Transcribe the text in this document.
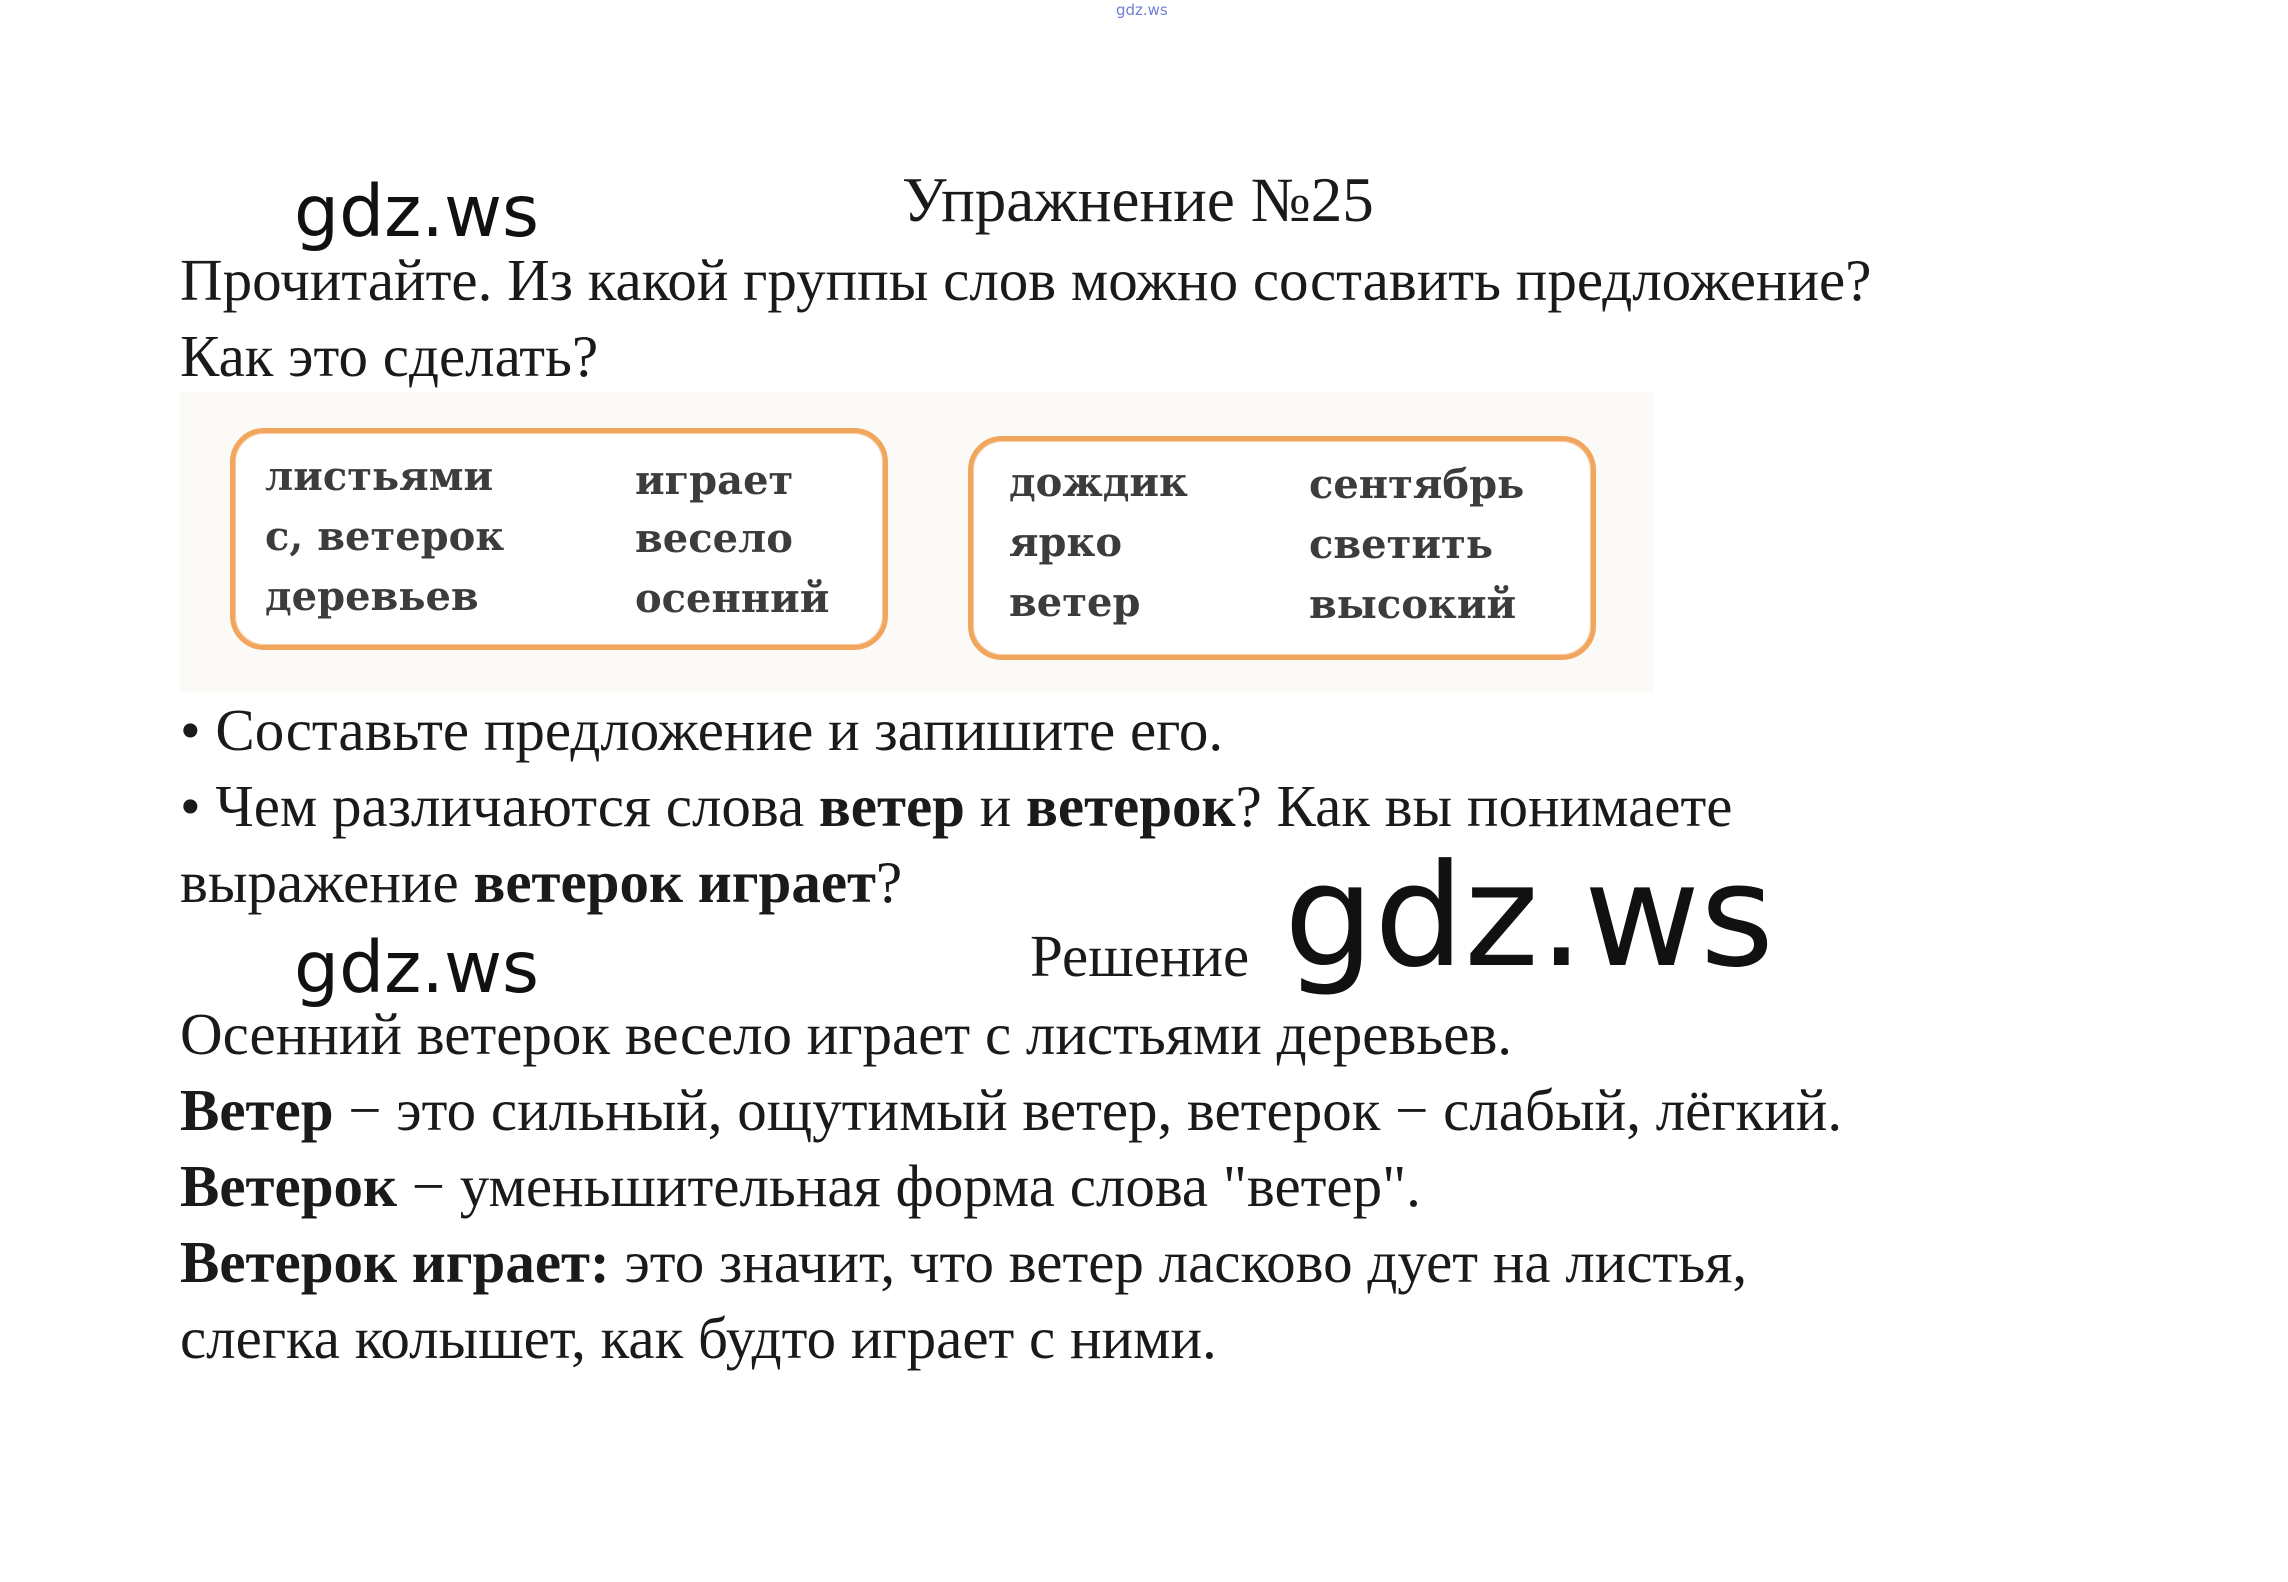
gdz.ws
gdz.ws
gdz.ws	gdz.ws
Упражнение №25
Прочитайте. Из какой группы слов можно составить предложение?
Как это сделать?
листьями
с, ветерок
деревьев
играет
весело
осенний
дождик
ярко
ветер
сентябрь
светить
высокий
• Составьте предложение и запишите его.
• Чем различаются слова ветер и ветерок? Как вы понимаете
выражение ветерок играет?
Решение
Осенний ветерок весело играет с листьями деревьев.
Ветер − это сильный, ощутимый ветер, ветерок − слабый, лёгкий.
Ветерок − уменьшительная форма слова "ветер".
Ветерок играет: это значит, что ветер ласково дует на листья,
слегка колышет, как будто играет с ними.
